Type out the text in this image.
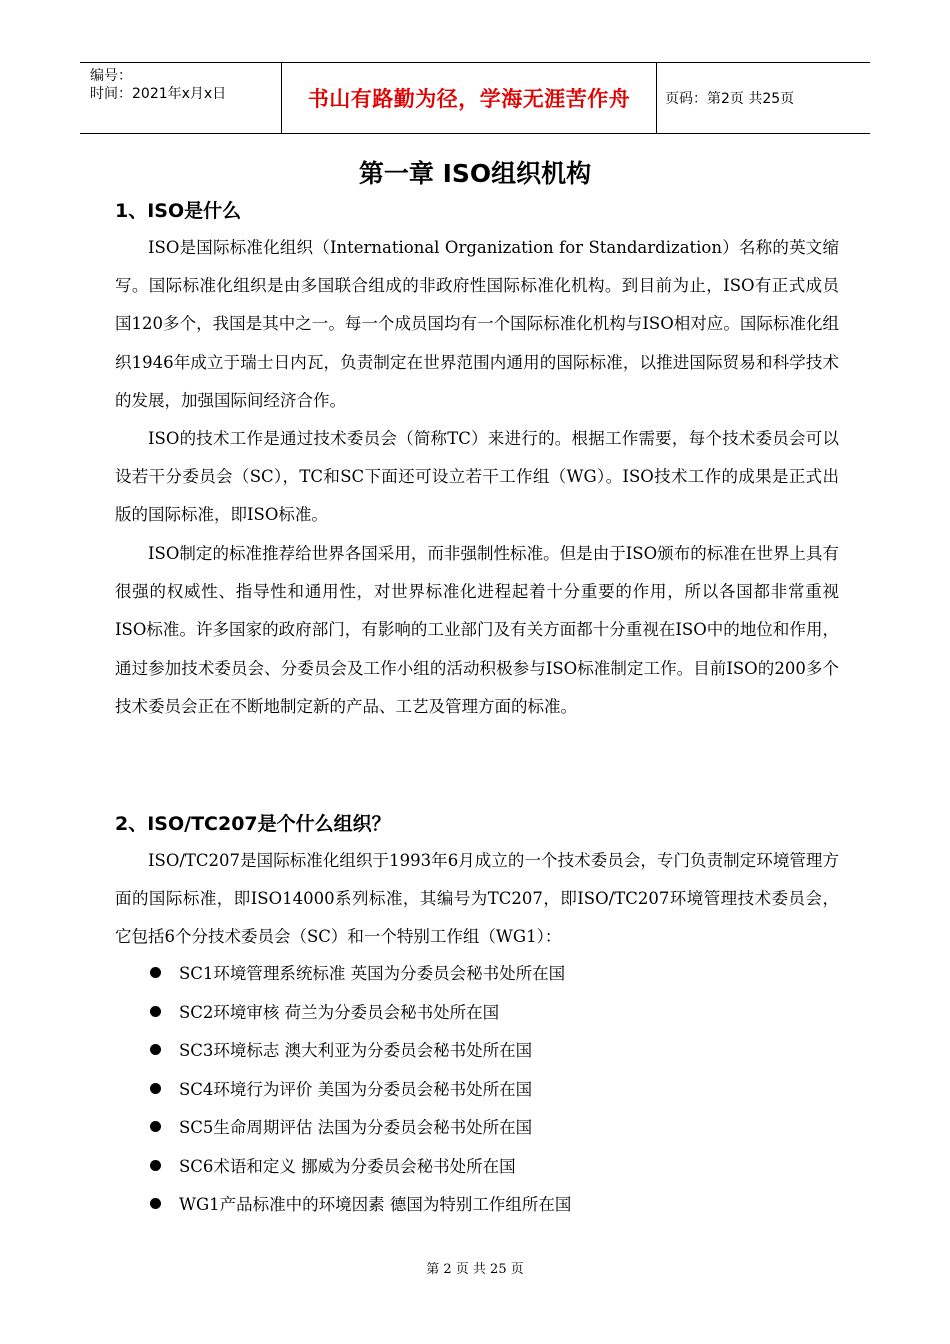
编号：
时间：2021年x月x日	书山有路勤为径，学海无涯苦作舟	页码：第2页 共25页
第一章 ISO组织机构
1、ISO是什么
ISO是国际标准化组织（International Organization for Standardization）名称的英文缩写。国际标准化组织是由多国联合组成的非政府性国际标准化机构。到目前为止，ISO有正式成员国120多个，我国是其中之一。每一个成员国均有一个国际标准化机构与ISO相对应。国际标准化组织1946年成立于瑞士日内瓦，负责制定在世界范围内通用的国际标准，以推进国际贸易和科学技术的发展，加强国际间经济合作。
ISO的技术工作是通过技术委员会（简称TC）来进行的。根据工作需要，每个技术委员会可以设若干分委员会（SC），TC和SC下面还可设立若干工作组（WG）。ISO技术工作的成果是正式出版的国际标准，即ISO标准。
ISO制定的标准推荐给世界各国采用，而非强制性标准。但是由于ISO颁布的标准在世界上具有很强的权威性、指导性和通用性，对世界标准化进程起着十分重要的作用，所以各国都非常重视ISO标准。许多国家的政府部门，有影响的工业部门及有关方面都十分重视在ISO中的地位和作用，通过参加技术委员会、分委员会及工作小组的活动积极参与ISO标准制定工作。目前ISO的200多个技术委员会正在不断地制定新的产品、工艺及管理方面的标准。
2、ISO/TC207是个什么组织？
ISO/TC207是国际标准化组织于1993年6月成立的一个技术委员会，专门负责制定环境管理方面的国际标准，即ISO14000系列标准，其编号为TC207，即ISO/TC207环境管理技术委员会，它包括6个分技术委员会（SC）和一个特别工作组（WG1）：
SC1环境管理系统标准 英国为分委员会秘书处所在国
SC2环境审核 荷兰为分委员会秘书处所在国
SC3环境标志 澳大利亚为分委员会秘书处所在国
SC4环境行为评价 美国为分委员会秘书处所在国
SC5生命周期评估 法国为分委员会秘书处所在国
SC6术语和定义 挪威为分委员会秘书处所在国
WG1产品标准中的环境因素 德国为特别工作组所在国
第 2 页 共 25 页
